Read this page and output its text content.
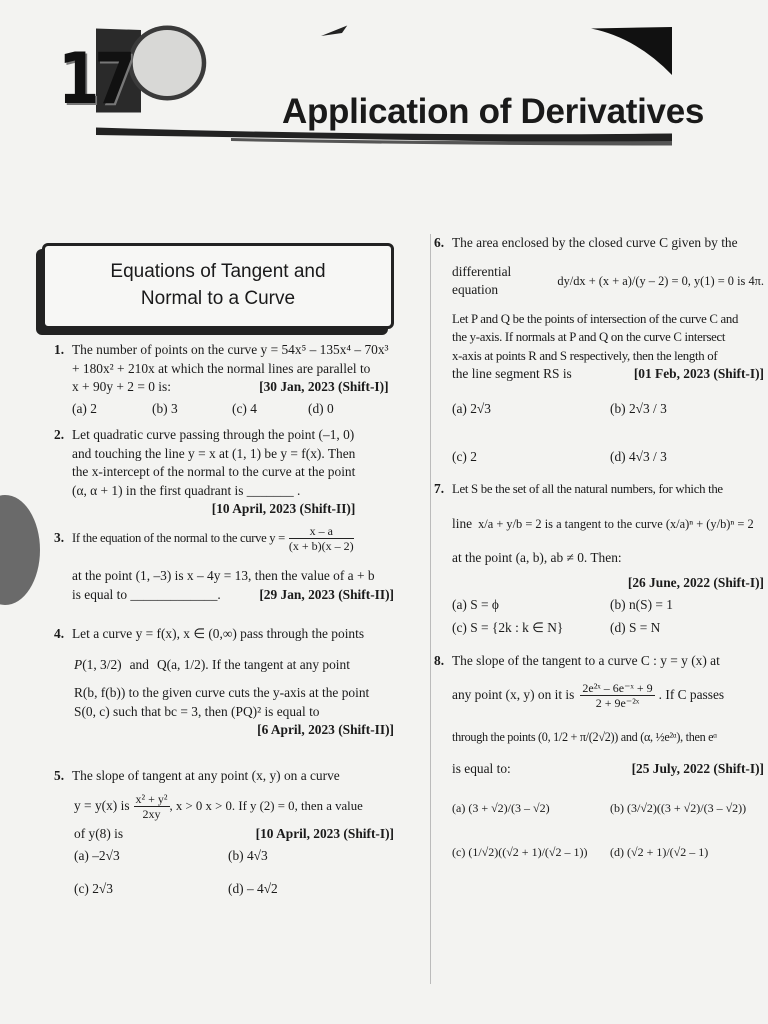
17	Application of Derivatives
Equations of Tangent and
Normal to a Curve
1. The number of points on the curve y = 54x⁵ – 135x⁴ – 70x³
+ 180x² + 210x at which the normal lines are parallel to
x + 90y + 2 = 0 is:	[30 Jan, 2023 (Shift-I)]
(a) 2	(b) 3	(c) 4	(d) 0
2. Let quadratic curve passing through the point (–1, 0)
and touching the line y = x at (1, 1) be y = f(x). Then
the x-intercept of the normal to the curve at the point
(α, α + 1) in the first quadrant is _______ .
[10 April, 2023 (Shift-II)]
3. If the equation of the normal to the curve $y = \frac{x - a}{(x + b)(x - 2)}$
at the point (1, –3) is x – 4y = 13, then the value of a + b
is equal to _____________.	[29 Jan, 2023 (Shift-II)]
4. Let a curve y = f(x), x ∈ (0,∞) pass through the points
P (1, 3/2) and Q(a, 1/2) . If the tangent at any point
R(b, f(b)) to the given curve cuts the y-axis at the point
S(0, c) such that bc = 3, then (PQ)² is equal to
[6 April, 2023 (Shift-II)]
5. The slope of tangent at any point (x, y) on a curve
y = y(x) is $\frac{\text{x² + y²}}{2xy}$ , x > 0 x > 0. If y (2) = 0, then a value
of y(8) is	[10 April, 2023 (Shift-I)]
(a) –2√3	(b) 4√3
(c) 2√3	(d) – 4√2
6. The area enclosed by the closed curve C given by the
differential equation
dy/dx + (x + a)/(y – 2) = 0, y(1) = 0 is 4π.
Let P and Q be the points of intersection of the curve C and
the y-axis. If normals at P and Q on the curve C intersect
x-axis at points R and S respectively, then the length of
the line segment RS is	[01 Feb, 2023 (Shift-I)]
(a) 2√3	(b) 2√3 / 3
(c) 2	(d) 4√3 / 3
7. Let S be the set of all the natural numbers, for which the
line x/a + y/b = 2 is a tangent to the curve (x/a)ⁿ + (y/b)ⁿ = 2
at the point (a, b), ab ≠ 0. Then:
[26 June, 2022 (Shift-I)]
(a) S = ϕ	(b) n(S) = 1
(c) S = {2k : k ∈ N}	(d) S = N
8. The slope of the tangent to a curve C : y = y (x) at
any point (x, y) on it is $\frac{\text{2e²ˣ – 6e⁻ˣ + 9}}{\text{2 + 9e⁻²ˣ}}$ . If C passes
through the points (0, 1/2 + π/(2√2)) and (α, ½e²ᵅ), then eᵅ
is equal to:	[25 July, 2022 (Shift-I)]
(a) (3 + √2)/(3 – √2)	(b) (3/√2)((3 + √2)/(3 – √2))
(c) (1/√2)((√2 + 1)/(√2 – 1))	(d) (√2 + 1)/(√2 – 1)
